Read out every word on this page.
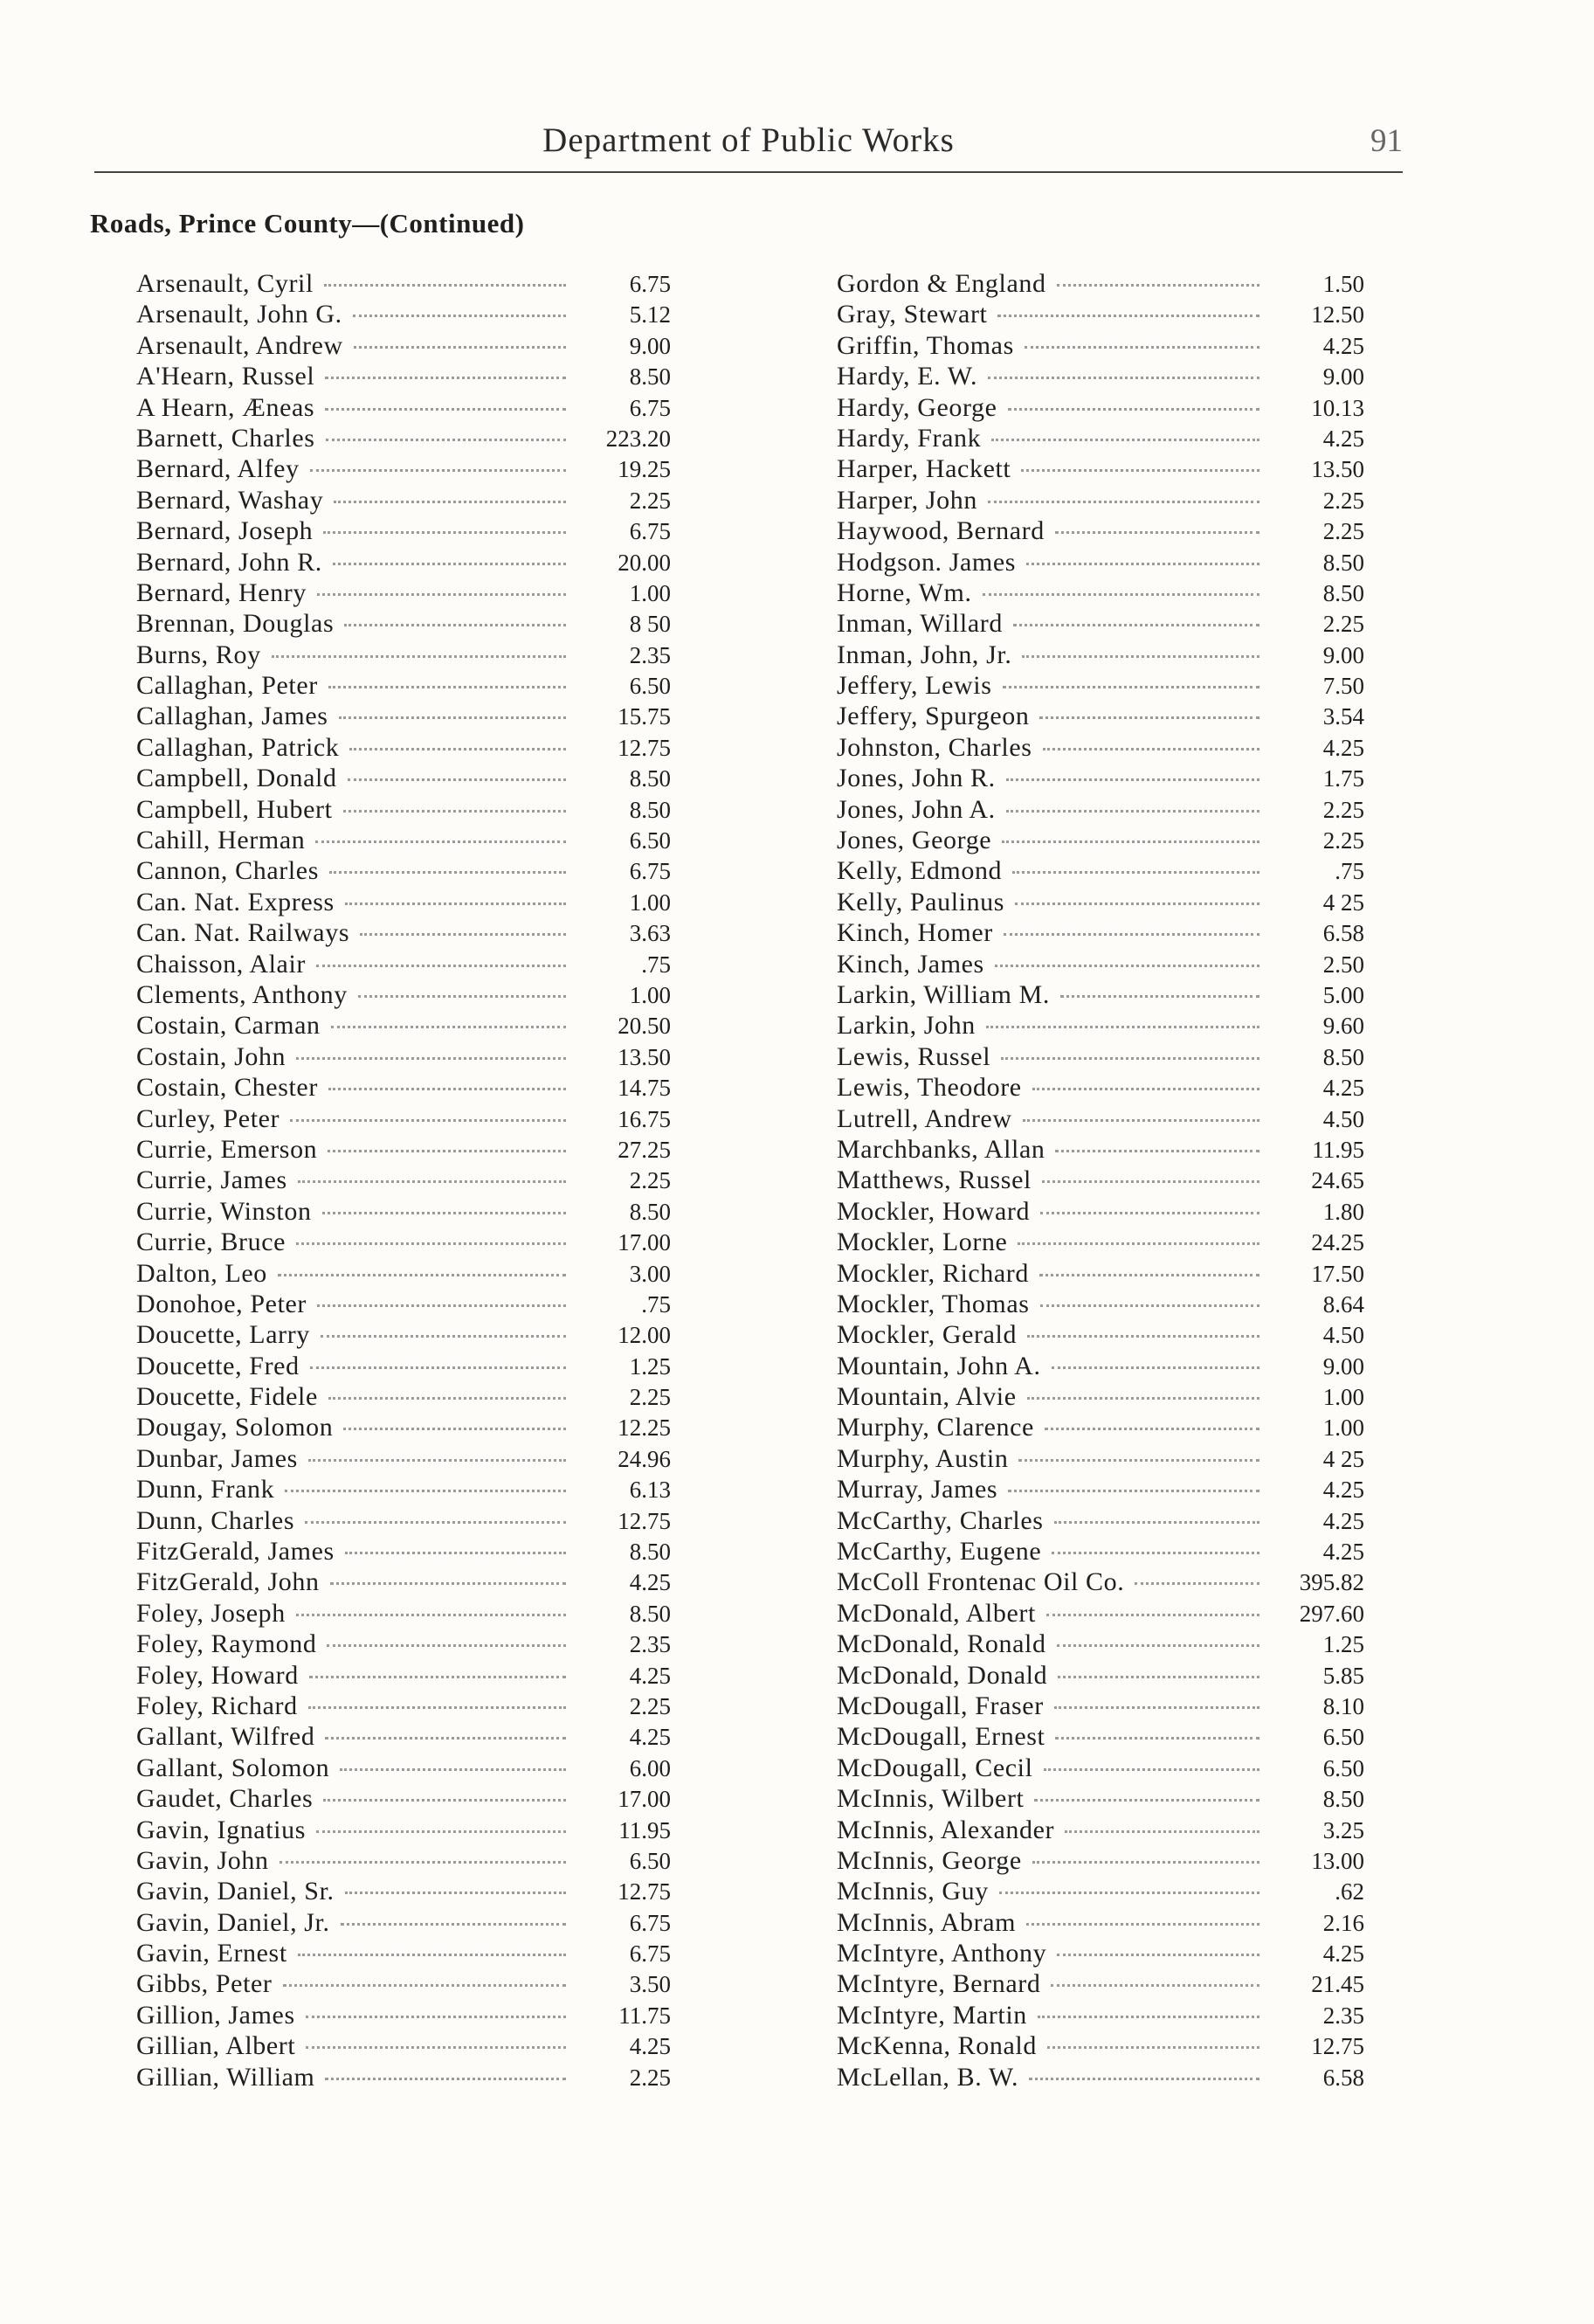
Department of Public Works	91
Roads, Prince County—(Continued)
Arsenault, Cyril	6.75
Arsenault, John G.	5.12
Arsenault, Andrew	9.00
A'Hearn, Russel	8.50
A Hearn, Æneas	6.75
Barnett, Charles	223.20
Bernard, Alfey	19.25
Bernard, Washay	2.25
Bernard, Joseph	6.75
Bernard, John R.	20.00
Bernard, Henry	1.00
Brennan, Douglas	8 50
Burns, Roy	2.35
Callaghan, Peter	6.50
Callaghan, James	15.75
Callaghan, Patrick	12.75
Campbell, Donald	8.50
Campbell, Hubert	8.50
Cahill, Herman	6.50
Cannon, Charles	6.75
Can. Nat. Express	1.00
Can. Nat. Railways	3.63
Chaisson, Alair	.75
Clements, Anthony	1.00
Costain, Carman	20.50
Costain, John	13.50
Costain, Chester	14.75
Curley, Peter	16.75
Currie, Emerson	27.25
Currie, James	2.25
Currie, Winston	8.50
Currie, Bruce	17.00
Dalton, Leo	3.00
Donohoe, Peter	.75
Doucette, Larry	12.00
Doucette, Fred	1.25
Doucette, Fidele	2.25
Dougay, Solomon	12.25
Dunbar, James	24.96
Dunn, Frank	6.13
Dunn, Charles	12.75
FitzGerald, James	8.50
FitzGerald, John	4.25
Foley, Joseph	8.50
Foley, Raymond	2.35
Foley, Howard	4.25
Foley, Richard	2.25
Gallant, Wilfred	4.25
Gallant, Solomon	6.00
Gaudet, Charles	17.00
Gavin, Ignatius	11.95
Gavin, John	6.50
Gavin, Daniel, Sr.	12.75
Gavin, Daniel, Jr.	6.75
Gavin, Ernest	6.75
Gibbs, Peter	3.50
Gillion, James	11.75
Gillian, Albert	4.25
Gillian, William	2.25
Gordon & England	1.50
Gray, Stewart	12.50
Griffin, Thomas	4.25
Hardy, E. W.	9.00
Hardy, George	10.13
Hardy, Frank	4.25
Harper, Hackett	13.50
Harper, John	2.25
Haywood, Bernard	2.25
Hodgson. James	8.50
Horne, Wm.	8.50
Inman, Willard	2.25
Inman, John, Jr.	9.00
Jeffery, Lewis	7.50
Jeffery, Spurgeon	3.54
Johnston, Charles	4.25
Jones, John R.	1.75
Jones, John A.	2.25
Jones, George	2.25
Kelly, Edmond	.75
Kelly, Paulinus	4 25
Kinch, Homer	6.58
Kinch, James	2.50
Larkin, William M.	5.00
Larkin, John	9.60
Lewis, Russel	8.50
Lewis, Theodore	4.25
Lutrell, Andrew	4.50
Marchbanks, Allan	11.95
Matthews, Russel	24.65
Mockler, Howard	1.80
Mockler, Lorne	24.25
Mockler, Richard	17.50
Mockler, Thomas	8.64
Mockler, Gerald	4.50
Mountain, John A.	9.00
Mountain, Alvie	1.00
Murphy, Clarence	1.00
Murphy, Austin	4 25
Murray, James	4.25
McCarthy, Charles	4.25
McCarthy, Eugene	4.25
McColl Frontenac Oil Co.	395.82
McDonald, Albert	297.60
McDonald, Ronald	1.25
McDonald, Donald	5.85
McDougall, Fraser	8.10
McDougall, Ernest	6.50
McDougall, Cecil	6.50
McInnis, Wilbert	8.50
McInnis, Alexander	3.25
McInnis, George	13.00
McInnis, Guy	.62
McInnis, Abram	2.16
McIntyre, Anthony	4.25
McIntyre, Bernard	21.45
McIntyre, Martin	2.35
McKenna, Ronald	12.75
McLellan, B. W.	6.58
